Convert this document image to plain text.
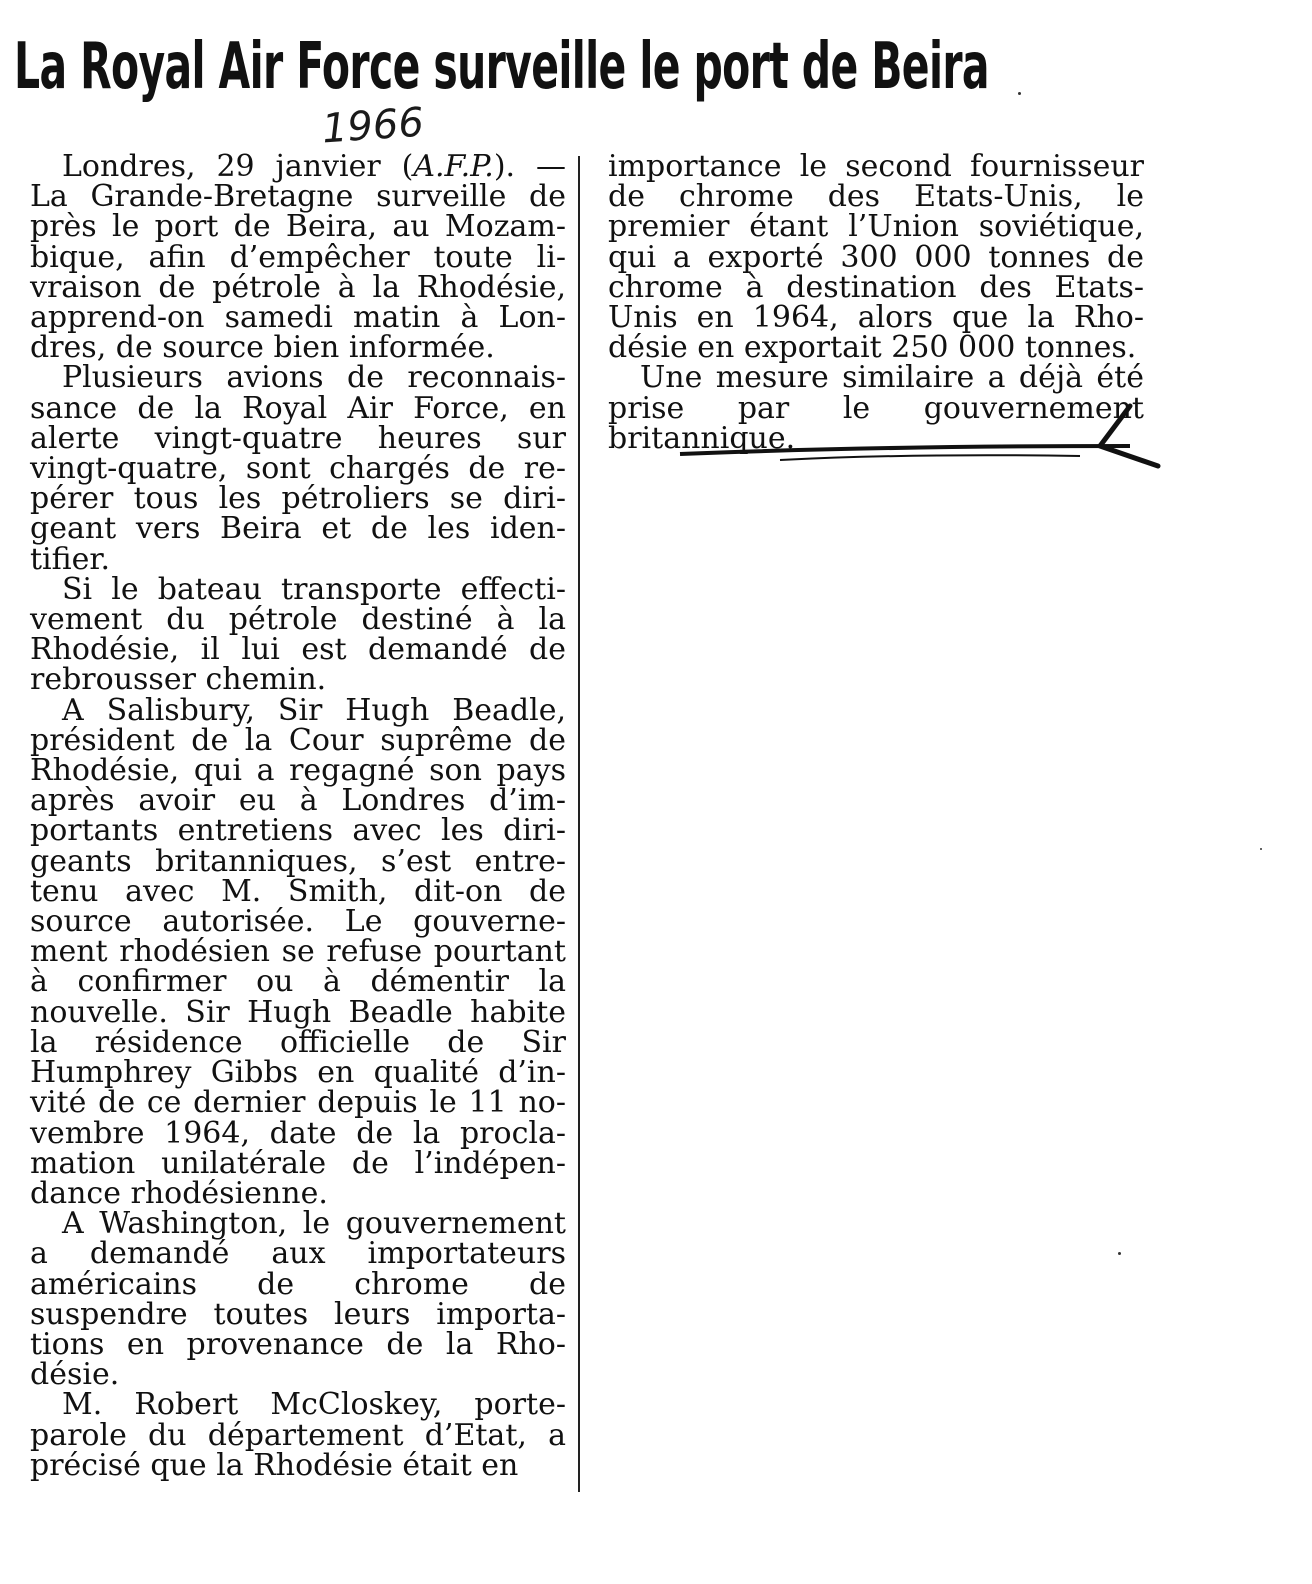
La Royal Air Force surveille le port de Beira
1966

Londres, 29 janvier (A.F.P.). — La Grande-Bretagne surveille de près le port de Beira, au Mozambique, afin d’empêcher toute livraison de pétrole à la Rhodésie, apprend-on samedi matin à Londres, de source bien informée.

Plusieurs avions de reconnaissance de la Royal Air Force, en alerte vingt-quatre heures sur vingt-quatre, sont chargés de repérer tous les pétroliers se dirigeant vers Beira et de les identifier.

Si le bateau transporte effectivement du pétrole destiné à la Rhodésie, il lui est demandé de rebrousser chemin.

A Salisbury, Sir Hugh Beadle, président de la Cour suprême de Rhodésie, qui a regagné son pays après avoir eu à Londres d’importants entretiens avec les dirigeants britanniques, s’est entretenu avec M. Smith, dit-on de source autorisée. Le gouvernement rhodésien se refuse pourtant à confirmer ou à démentir la nouvelle. Sir Hugh Beadle habite la résidence officielle de Sir Humphrey Gibbs en qualité d’invité de ce dernier depuis le 11 novembre 1964, date de la proclamation unilatérale de l’indépendance rhodésienne.

A Washington, le gouvernement a demandé aux importateurs américains de chrome de suspendre toutes leurs importations en provenance de la Rhodésie.

M. Robert McCloskey, porte-parole du département d’Etat, a précisé que la Rhodésie était en

importance le second fournisseur de chrome des Etats-Unis, le premier étant l’Union soviétique, qui a exporté 300 000 tonnes de chrome à destination des Etats-Unis en 1964, alors que la Rhodésie en exportait 250 000 tonnes.

Une mesure similaire a déjà été prise par le gouvernement britannique.
